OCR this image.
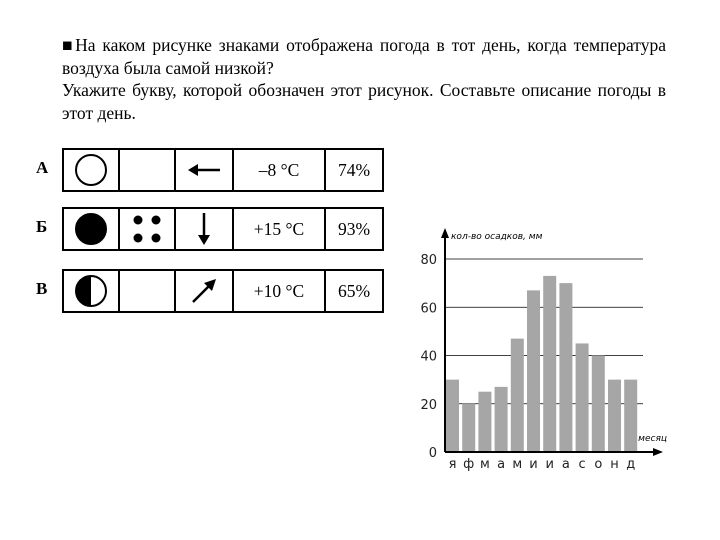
■На каком рисунке знаками отображена погода в тот день, когда температура воздуха была самой низкой?

Укажите букву, которой обозначен этот рисунок. Составьте описание погоды в этот день.

А	–8 °С 74%
Б	+15 °С 93%
В	+10 °С 65%
кол-во осадков, мм
месяц
0
20
40
60
80
я ф м а м и и а с о н д
